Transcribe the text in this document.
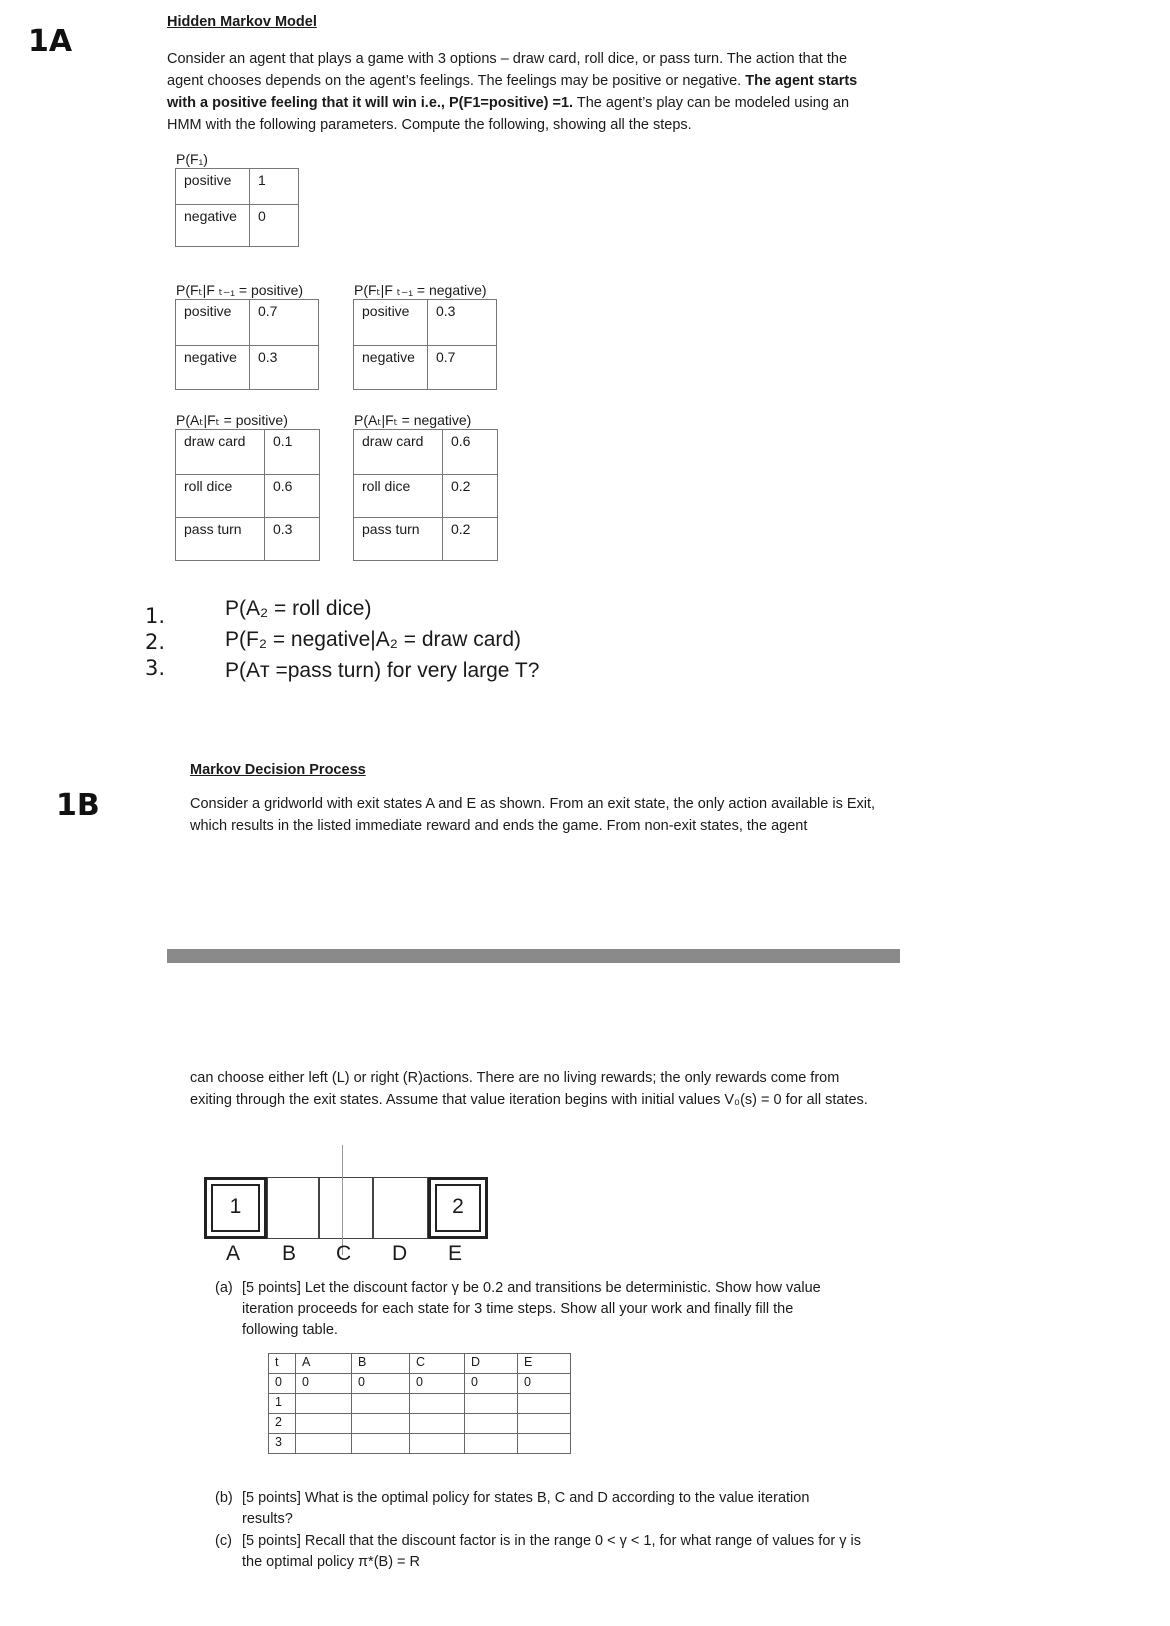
1A
1B
Hidden Markov Model
Consider an agent that plays a game with 3 options – draw card, roll dice, or pass turn. The action that the agent chooses depends on the agent’s feelings. The feelings may be positive or negative. The agent starts with a positive feeling that it will win i.e., P(F1=positive) =1. The agent’s play can be modeled using an HMM with the following parameters. Compute the following, showing all the steps.
P(F₁)
positive	1
negative	0
P(Fₜ|F ₜ₋₁ = positive)
positive	0.7
negative	0.3
P(Fₜ|F ₜ₋₁ = negative)
positive	0.3
negative	0.7
P(Aₜ|Fₜ = positive)
draw card	0.1
roll dice	0.6
pass turn	0.3
P(Aₜ|Fₜ = negative)
draw card	0.6
roll dice	0.2
pass turn	0.2
1.	P(A₂ = roll dice)
2.	P(F₂ = negative|A₂ = draw card)
3.	P(Aᴛ =pass turn) for very large T?
Markov Decision Process
Consider a gridworld with exit states A and E as shown. From an exit state, the only action available is Exit, which results in the listed immediate reward and ends the game. From non-exit states, the agent
can choose either left (L) or right (R)actions. There are no living rewards; the only rewards come from exiting through the exit states. Assume that value iteration begins with initial values V₀(s) = 0 for all states.
1	2
A B C D E
(a) [5 points] Let the discount factor γ be 0.2 and transitions be deterministic. Show how value iteration proceeds for each state for 3 time steps. Show all your work and finally fill the following table.
t	A	B	C	D	E
0	0	0	0	0	0
1					
2					
3					
(b) [5 points] What is the optimal policy for states B, C and D according to the value iteration results?
(c) [5 points] Recall that the discount factor is in the range 0 < γ < 1, for what range of values for γ is the optimal policy π*(B) = R
